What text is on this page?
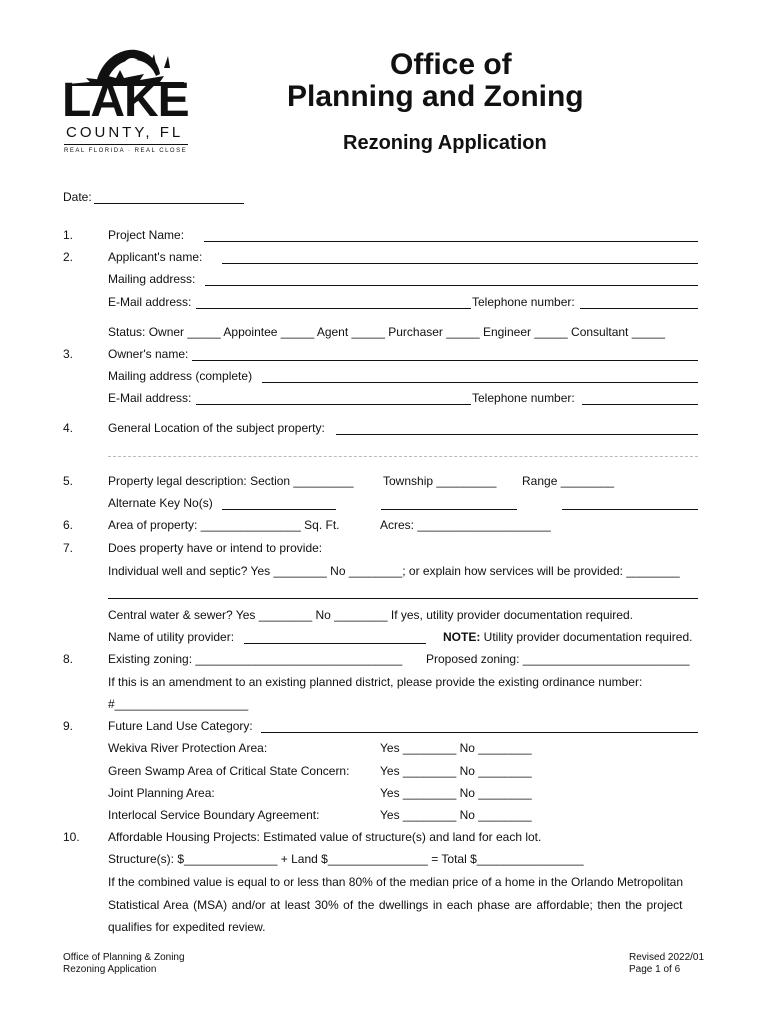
LAKE
COUNTY, FL
REAL FLORIDA · REAL CLOSE
Office of
Planning and Zoning
Rezoning Application
Date:
1.	Project Name:
2.	Applicant's name:
Mailing address:
E-Mail address:	Telephone number:
Status: Owner _____ Appointee _____ Agent _____ Purchaser _____ Engineer _____ Consultant _____
3.	Owner's name:
Mailing address (complete)
E-Mail address:	Telephone number:
4.	General Location of the subject property:
5.	Property legal description: Section _________ Township _________ Range ________
Alternate Key No(s)
6.	Area of property: _______________ Sq. Ft.	Acres: ____________________
7.	Does property have or intend to provide:
Individual well and septic? Yes ________ No ________; or explain how services will be provided: ________
Central water & sewer? Yes ________ No ________ If yes, utility provider documentation required.
Name of utility provider:	NOTE: Utility provider documentation required.
8.	Existing zoning: _______________________________ Proposed zoning: _________________________
If this is an amendment to an existing planned district, please provide the existing ordinance number:
#____________________
9.	Future Land Use Category:
Wekiva River Protection Area:	Yes ________ No ________
Green Swamp Area of Critical State Concern:	Yes ________ No ________
Joint Planning Area:	Yes ________ No ________
Interlocal Service Boundary Agreement:	Yes ________ No ________
10. Affordable Housing Projects: Estimated value of structure(s) and land for each lot.
Structure(s): $______________ + Land $_______________ = Total $________________
If the combined value is equal to or less than 80% of the median price of a home in the Orlando Metropolitan
Statistical Area (MSA) and/or at least 30% of the dwellings in each phase are affordable; then the project
qualifies for expedited review.
Office of Planning & Zoning
Rezoning Application
Revised 2022/01
Page 1 of 6
